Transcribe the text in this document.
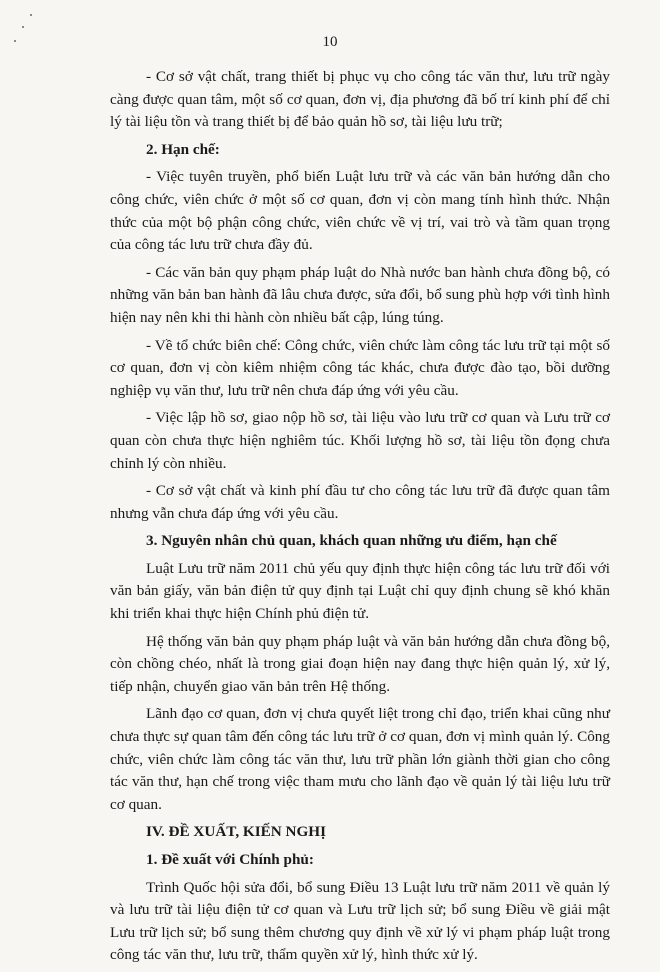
10

- Cơ sở vật chất, trang thiết bị phục vụ cho công tác văn thư, lưu trữ ngày càng được quan tâm, một số cơ quan, đơn vị, địa phương đã bố trí kinh phí để chỉ lý tài liệu tồn và trang thiết bị để bảo quản hồ sơ, tài liệu lưu trữ;

2. Hạn chế:

- Việc tuyên truyền, phổ biến Luật lưu trữ và các văn bản hướng dẫn cho công chức, viên chức ở một số cơ quan, đơn vị còn mang tính hình thức. Nhận thức của một bộ phận công chức, viên chức về vị trí, vai trò và tầm quan trọng của công tác lưu trữ chưa đầy đủ.

- Các văn bản quy phạm pháp luật do Nhà nước ban hành chưa đồng bộ, có những văn bản ban hành đã lâu chưa được, sửa đổi, bổ sung phù hợp với tình hình hiện nay nên khi thi hành còn nhiều bất cập, lúng túng.

- Về tổ chức biên chế: Công chức, viên chức làm công tác lưu trữ tại một số cơ quan, đơn vị còn kiêm nhiệm công tác khác, chưa được đào tạo, bồi dưỡng nghiệp vụ văn thư, lưu trữ nên chưa đáp ứng với yêu cầu.

- Việc lập hồ sơ, giao nộp hồ sơ, tài liệu vào lưu trữ cơ quan và Lưu trữ cơ quan còn chưa thực hiện nghiêm túc. Khối lượng hồ sơ, tài liệu tồn đọng chưa chỉnh lý còn nhiều.

- Cơ sở vật chất và kinh phí đầu tư cho công tác lưu trữ đã được quan tâm nhưng vẫn chưa đáp ứng với yêu cầu.

3. Nguyên nhân chủ quan, khách quan những ưu điểm, hạn chế

Luật Lưu trữ năm 2011 chủ yếu quy định thực hiện công tác lưu trữ đối với văn bản giấy, văn bản điện tử quy định tại Luật chỉ quy định chung sẽ khó khăn khi triển khai thực hiện Chính phủ điện tử.

Hệ thống văn bản quy phạm pháp luật và văn bản hướng dẫn chưa đồng bộ, còn chồng chéo, nhất là trong giai đoạn hiện nay đang thực hiện quản lý, xử lý, tiếp nhận, chuyển giao văn bản trên Hệ thống.

Lãnh đạo cơ quan, đơn vị chưa quyết liệt trong chỉ đạo, triển khai cũng như chưa thực sự quan tâm đến công tác lưu trữ ở cơ quan, đơn vị mình quản lý. Công chức, viên chức làm công tác văn thư, lưu trữ phần lớn giành thời gian cho công tác văn thư, hạn chế trong việc tham mưu cho lãnh đạo về quản lý tài liệu lưu trữ cơ quan.

IV. ĐỀ XUẤT, KIẾN NGHỊ
1. Đề xuất với Chính phủ:

Trình Quốc hội sửa đổi, bổ sung Điều 13 Luật lưu trữ năm 2011 về quản lý và lưu trữ tài liệu điện tử cơ quan và Lưu trữ lịch sử; bổ sung Điều về giải mật Lưu trữ lịch sử; bổ sung thêm chương quy định về xử lý vi phạm pháp luật trong công tác văn thư, lưu trữ, thẩm quyền xử lý, hình thức xử lý.
